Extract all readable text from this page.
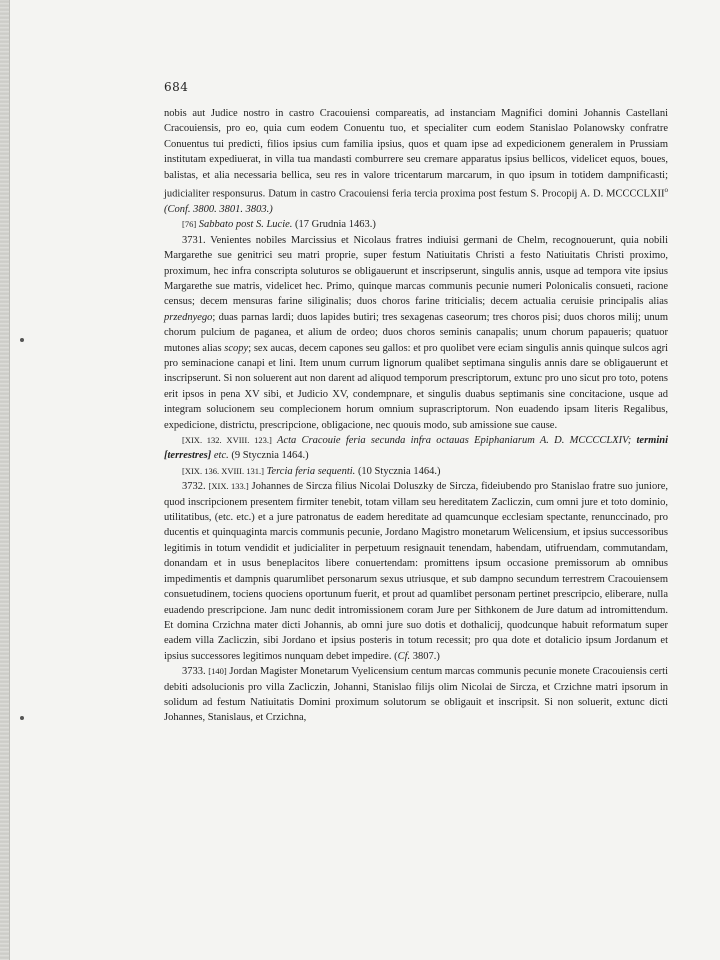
684

nobis aut Judice nostro in castro Cracouiensi compareatis, ad instanciam Magnifici domini Johannis Castellani Cracouiensis, pro eo, quia cum eodem Conuentu tuo, et specialiter cum eodem Stanislao Polanowsky confratre Conuentus tui predicti, filios ipsius cum familia ipsius, quos et quam ipse ad expedicionem generalem in Prussiam institutam expediuerat, in villa tua mandasti comburrere seu cremare apparatus ipsius bellicos, videlicet equos, boues, balistas, et alia necessaria bellica, seu res in valore tricentarum marcarum, in quo ipsum in totidem dampnificasti; judicialiter responsurus. Datum in castro Cracouiensi feria tercia proxima post festum S. Procopij A. D. MCCCCLXII$^o$ (Conf. 3800. 3801. 3803.)

[76] Sabbato post S. Lucie. (17 Grudnia 1463.)

3731. Venientes nobiles Marcissius et Nicolaus fratres indiuisi germani de Chelm, recognouerunt, quia nobili Margarethe sue genitrici seu matri proprie, super festum Natiuitatis Christi a festo Natiuitatis Christi proximo, proximum, hec infra conscripta soluturos se obligauerunt et inscripserunt, singulis annis, usque ad tempora vite ipsius Margarethe sue matris, videlicet hec. Primo, quinque marcas communis pecunie numeri Polonicalis consueti, racione census; decem mensuras farine siliginalis; duos choros farine triticialis; decem actualia ceruisie principalis alias przednyego; duas parnas lardi; duos lapides butiri; tres sexagenas caseorum; tres choros pisi; duos choros milij; unum chorum pulcium de paganea, et alium de ordeo; duos choros seminis canapalis; unum chorum papaueris; quatuor mutones alias scopy; sex aucas, decem capones seu gallos: et pro quolibet vere eciam singulis annis quinque sulcos agri pro seminacione canapi et lini. Item unum currum lignorum qualibet septimana singulis annis dare se obligauerunt et inscripserunt. Si non soluerent aut non darent ad aliquod temporum prescriptorum, extunc pro uno sicut pro toto, potens erit ipsos in pena XV sibi, et Judicio XV, condempnare, et singulis duabus septimanis sine concitacione, usque ad integram solucionem seu complecionem horum omnium suprascriptorum. Non euadendo ipsam literis Regalibus, expedicione, districtu, prescripcione, obligacione, nec quouis modo, sub amissione sue cause.

[XIX. 132. XVIII. 123.] Acta Cracouie feria secunda infra octauas Epiphaniarum A. D. MCCCCLXIV; termini [terrestres] etc. (9 Stycznia 1464.)

[XIX. 136. XVIII. 131.] Tercia feria sequenti. (10 Stycznia 1464.)

3732. [XIX. 133.] Johannes de Sircza filius Nicolai Doluszky de Sircza, fideiubendo pro Stanislao fratre suo juniore, quod inscripcionem presentem firmiter tenebit, totam villam seu hereditatem Zacliczin, cum omni jure et toto dominio, utilitatibus, (etc. etc.) et a jure patronatus de eadem hereditate ad quamcunque ecclesiam spectante, renunccinado, pro ducentis et quinquaginta marcis communis pecunie, Jordano Magistro monetarum Welicensium, et ipsius successoribus legitimis in totum vendidit et judicialiter in perpetuum resignauit tenendam, habendam, utifruendam, commutandam, donandam et in usus beneplacitos libere conuertendam: promittens ipsum occasione premissorum ab omnibus impedimentis et dampnis quarumlibet personarum sexus utriusque, et sub dampno secundum terrestrem Cracouiensem consuetudinem, tociens quociens oportunum fuerit, et prout ad quamlibet personam pertinet prescripcio, eliberare, nulla euadendo prescripcione. Jam nunc dedit intromissionem coram Jure per Sithkonem de Jure datum ad intromittendum. Et domina Crzichna mater dicti Johannis, ab omni jure suo dotis et dothalicij, quodcunque habuit reformatum super eadem villa Zacliczin, sibi Jordano et ipsius posteris in totum recessit; pro qua dote et dotalicio ipsum Jordanum et ipsius successores legitimos nunquam debet impedire. (Cf. 3807.)

3733. [140] Jordan Magister Monetarum Vyelicensium centum marcas communis pecunie monete Cracouiensis certi debiti adsolucionis pro villa Zacliczin, Johanni, Stanislao filijs olim Nicolai de Sircza, et Crzichne matri ipsorum in solidum ad festum Natiuitatis Domini proximum solutorum se obligauit et inscripsit. Si non soluerit, extunc dicti Johannes, Stanislaus, et Crzichna,
